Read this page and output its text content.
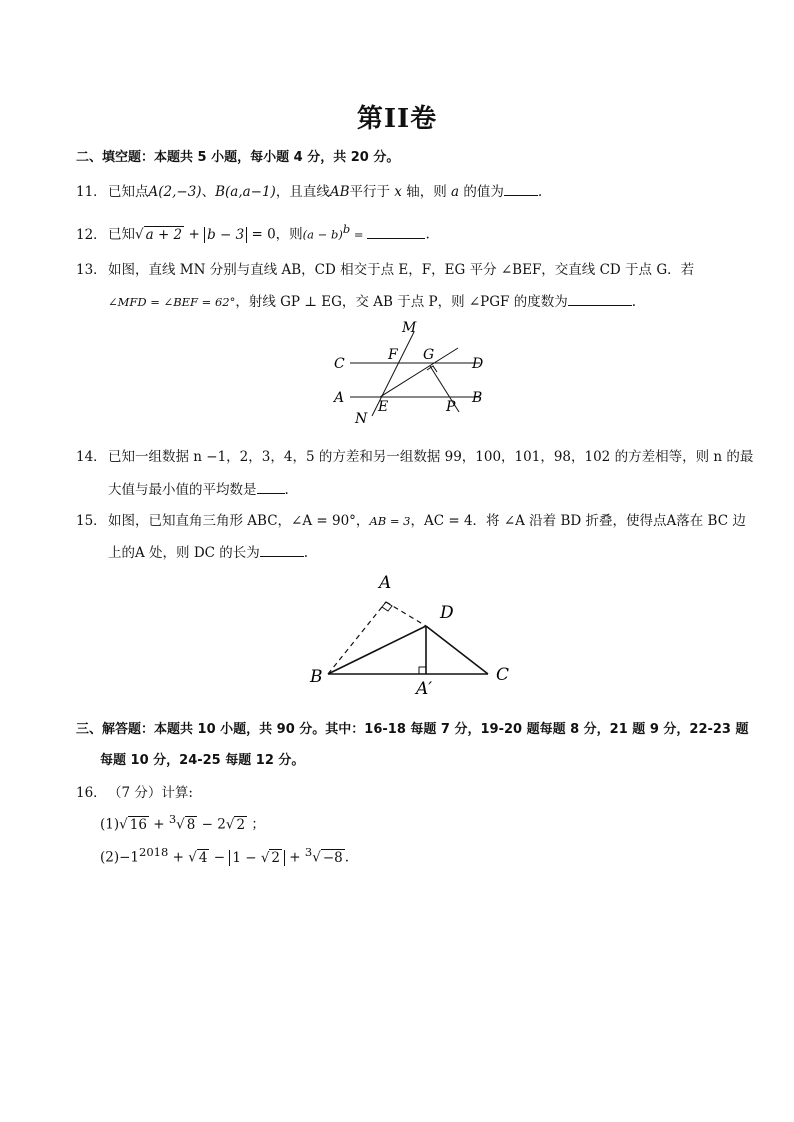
第II卷
二、填空题：本题共 5 小题，每小题 4 分，共 20 分。
11．已知点A(2,−3)、B(a,a−1)，且直线AB平行于 x 轴，则 a 的值为	.
12．已知√ a + 2 + b − 3 = 0，则$(a - b)^b$ =	.
13．如图，直线 MN 分别与直线 AB，CD 相交于点 E，F，EG 平分 ∠BEF，交直线 CD 于点 G．若
∠MFD = ∠BEF = 62°，射线 GP ⊥ EG，交 AB 于点 P，则 ∠PGF 的度数为	.
M
F G
C	D
A
E	P
B
N
14．已知一组数据 n −1，2，3，4，5 的方差和另一组数据 99，100，101，98，102 的方差相等，则 n 的最
大值与最小值的平均数是 .
15．如图，已知直角三角形 ABC，∠A = 90°，AB = 3，AC = 4．将 ∠A 沿着 BD 折叠，使得点A落在 BC 边
上的A 处，则 DC 的长为	.
A
D
B
A′
C
三、解答题：本题共 10 小题，共 90 分。其中：16-18 每题 7 分，19-20 题每题 8 分，21 题 9 分，22-23 题
每题 10 分，24-25 每题 12 分。
16．（7 分）计算:
(1)√ 16 + $^3$√ 8 − 2√ 2 ；
$(2)-1^{2018}$ + √ 4 − 1 − √ 2 + $^3$√ −8 .
